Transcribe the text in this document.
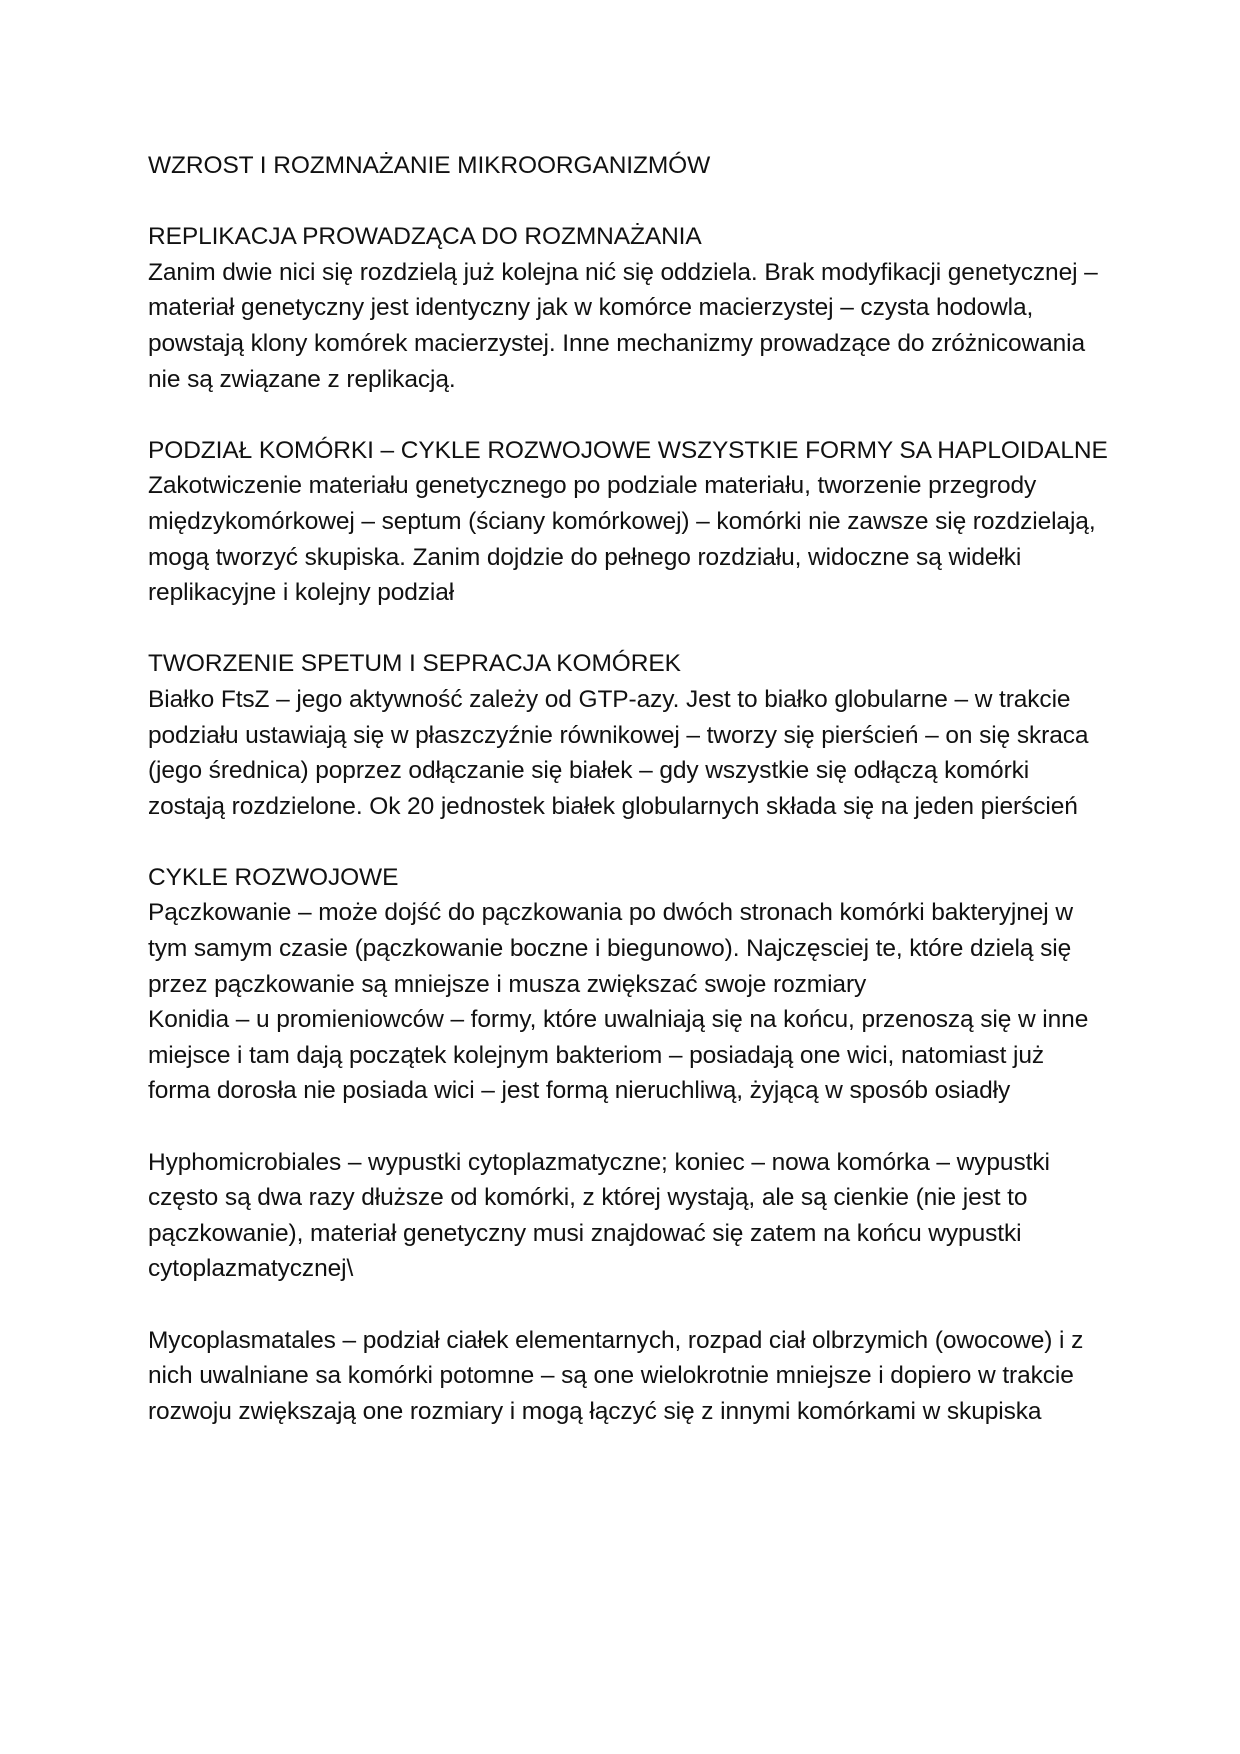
WZROST I ROZMNAŻANIE MIKROORGANIZMÓW
REPLIKACJA PROWADZĄCA DO ROZMNAŻANIA

Zanim dwie nici się rozdzielą już kolejna nić się oddziela. Brak modyfikacji genetycznej – materiał genetyczny jest identyczny jak w komórce macierzystej – czysta hodowla, powstają klony komórek macierzystej. Inne mechanizmy prowadzące do zróżnicowania nie są związane z replikacją.

PODZIAŁ KOMÓRKI – CYKLE ROZWOJOWE WSZYSTKIE FORMY SA HAPLOIDALNE

Zakotwiczenie materiału genetycznego po podziale materiału, tworzenie przegrody międzykomórkowej – septum (ściany komórkowej) – komórki nie zawsze się rozdzielają, mogą tworzyć skupiska. Zanim dojdzie do pełnego rozdziału, widoczne są widełki replikacyjne i kolejny podział

TWORZENIE SPETUM I SEPRACJA KOMÓREK

Białko FtsZ – jego aktywność zależy od GTP-azy. Jest to białko globularne – w trakcie podziału ustawiają się w płaszczyźnie równikowej – tworzy się pierścień – on się skraca (jego średnica) poprzez odłączanie się białek – gdy wszystkie się odłączą komórki zostają rozdzielone. Ok 20 jednostek białek globularnych składa się na jeden pierścień

CYKLE ROZWOJOWE

Pączkowanie – może dojść do pączkowania po dwóch stronach komórki bakteryjnej w tym samym czasie (pączkowanie boczne i biegunowo). Najczęsciej te, które dzielą się przez pączkowanie są mniejsze i musza zwiększać swoje rozmiary

Konidia – u promieniowców – formy, które uwalniają się na końcu, przenoszą się w inne miejsce i tam dają początek kolejnym bakteriom – posiadają one wici, natomiast już forma dorosła nie posiada wici – jest formą nieruchliwą, żyjącą w sposób osiadły

Hyphomicrobiales – wypustki cytoplazmatyczne; koniec – nowa komórka – wypustki często są dwa razy dłuższe od komórki, z której wystają, ale są cienkie (nie jest to pączkowanie), materiał genetyczny musi znajdować się zatem na końcu wypustki cytoplazmatycznej\

Mycoplasmatales – podział ciałek elementarnych, rozpad ciał olbrzymich (owocowe) i z nich uwalniane sa komórki potomne – są one wielokrotnie mniejsze i dopiero w trakcie rozwoju zwiększają one rozmiary i mogą łączyć się z innymi komórkami w skupiska
